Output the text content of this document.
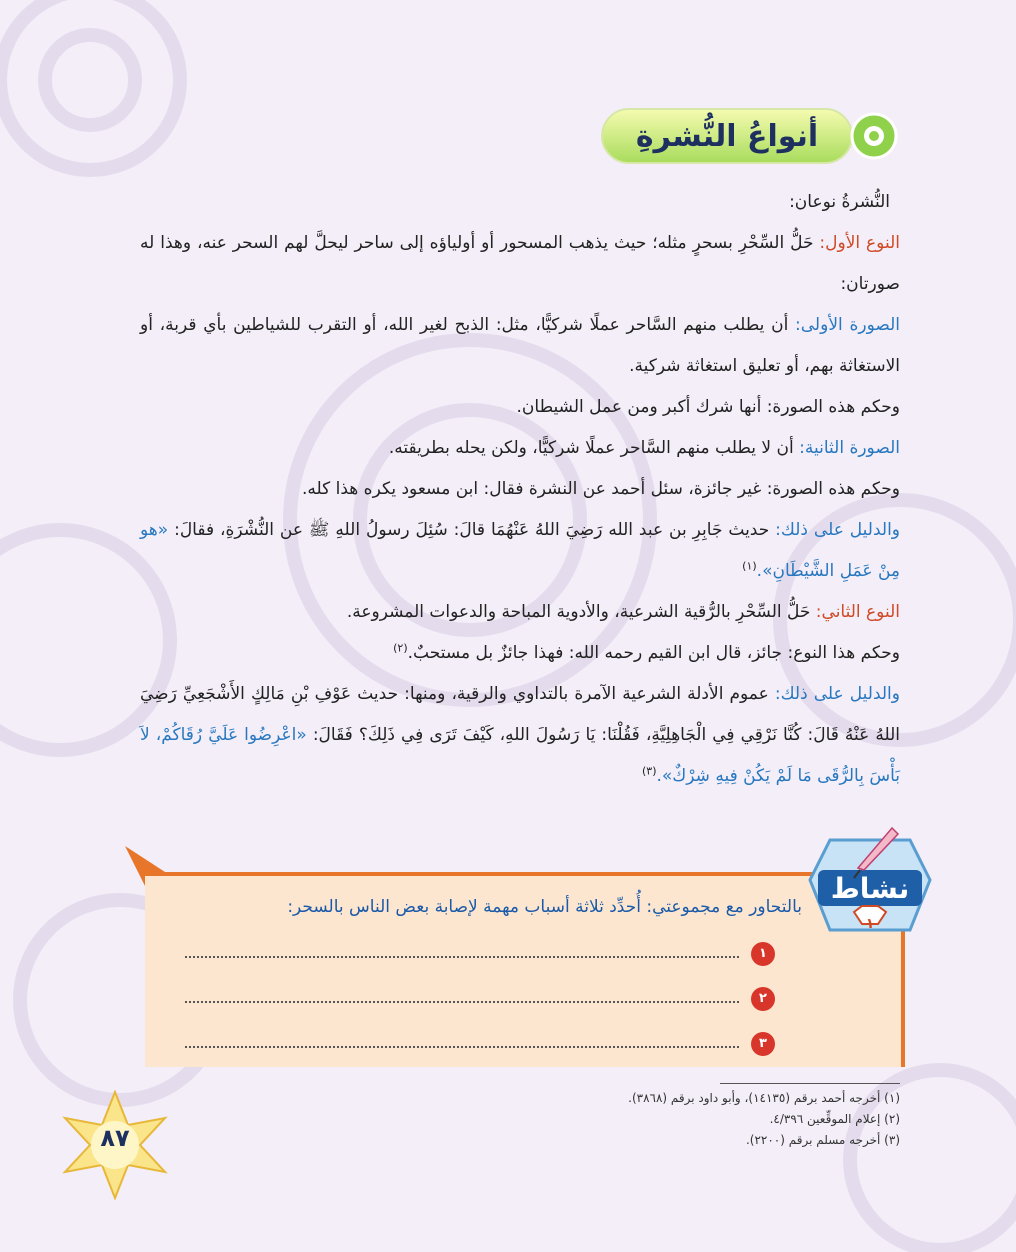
أنواعُ النُّشرةِ

النُّشرةُ نوعان:

النوع الأول: حَلُّ السِّحْرِ بسحرٍ مثله؛ حيث يذهب المسحور أو أولياؤه إلى ساحر ليحلَّ لهم السحر عنه، وهذا له صورتان:

الصورة الأولى: أن يطلب منهم السَّاحر عملًا شركيًّا، مثل: الذبح لغير الله، أو التقرب للشياطين بأي قربة، أو الاستغاثة بهم، أو تعليق استغاثة شركية.

وحكم هذه الصورة: أنها شرك أكبر ومن عمل الشيطان.

الصورة الثانية: أن لا يطلب منهم السَّاحر عملًا شركيًّا، ولكن يحله بطريقته.

وحكم هذه الصورة: غير جائزة، سئل أحمد عن النشرة فقال: ابن مسعود يكره هذا كله.

والدليل على ذلك: حديث جَابِرِ بن عبد الله رَضِيَ اللهُ عَنْهُمَا قالَ: سُئِلَ رسولُ اللهِ ﷺ عن النُّشْرَةِ، فقالَ: «هو مِنْ عَمَلِ الشَّيْطَانِ».$^{(١)}$

النوع الثاني: حَلُّ السِّحْرِ بالرُّقية الشرعية، والأدوية المباحة والدعوات المشروعة.

وحكم هذا النوع: جائز، قال ابن القيم رحمه الله: فهذا جائزٌ بل مستحبٌ.$^{(٢)}$

والدليل على ذلك: عموم الأدلة الشرعية الآمرة بالتداوي والرقية، ومنها: حديث عَوْفِ بْنِ مَالِكٍ الأَشْجَعِيِّ رَضِيَ اللهُ عَنْهُ قَالَ: كُنَّا نَرْقِي فِي الْجَاهِلِيَّةِ، فَقُلْنَا: يَا رَسُولَ اللهِ، كَيْفَ تَرَى فِي ذَلِكَ؟ فَقَالَ: «اعْرِضُوا عَلَيَّ رُقَاكُمْ، لاَ بَأْسَ بِالرُّقَى مَا لَمْ يَكُنْ فِيهِ شِرْكٌ».$^{(٣)}$

نشاط
١
بالتحاور مع مجموعتي: أُحدِّد ثلاثة أسباب مهمة لإصابة بعض الناس بالسحر:
١
٢
٣

(١) أخرجه أحمد برقم (١٤١٣٥)، وأبو داود برقم (٣٨٦٨).

(٢) إعلام الموقِّعين ٤/٣٩٦.

(٣) أخرجه مسلم برقم (٢٢٠٠).

٨٧
